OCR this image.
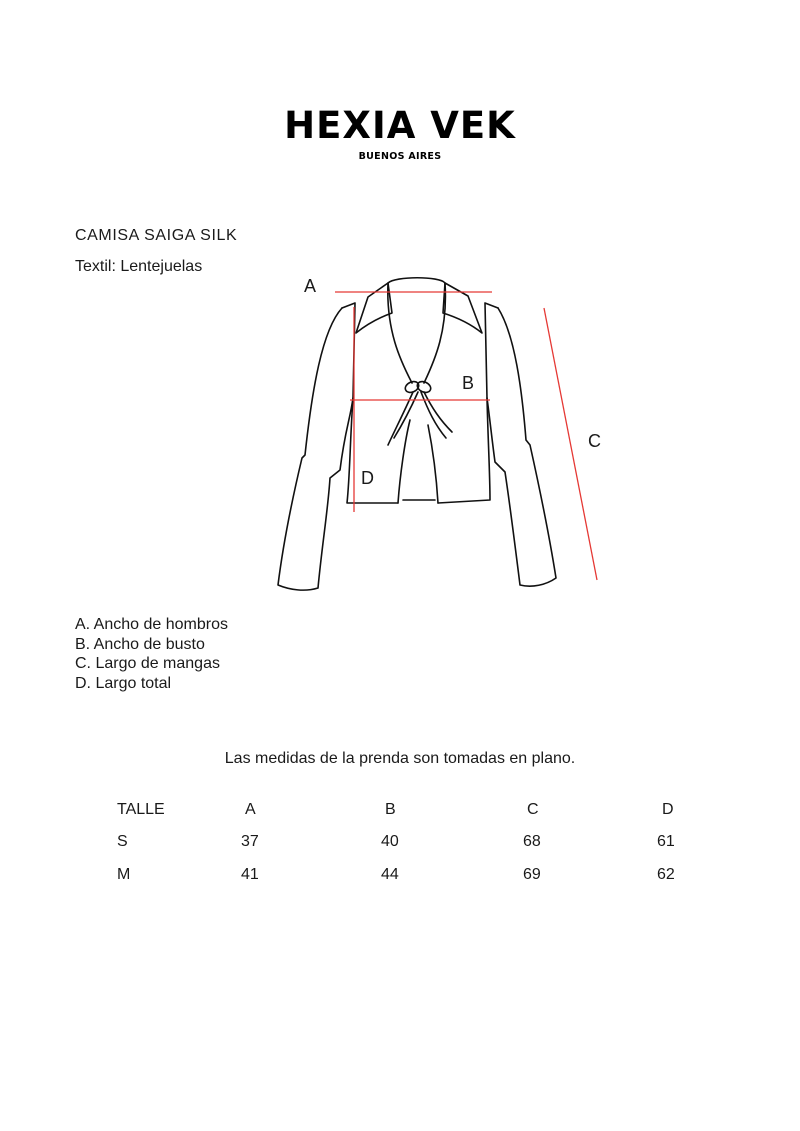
HEXIA VEK
BUENOS AIRES
CAMISA SAIGA SILK
Textil: Lentejuelas
A
B
C
D
A. Ancho de hombros
B. Ancho de busto
C. Largo de mangas
D. Largo total
Las medidas de la prenda son tomadas en plano.
TALLE	A	B	C	D
S	37	40	68	61
M	41	44	69	62
